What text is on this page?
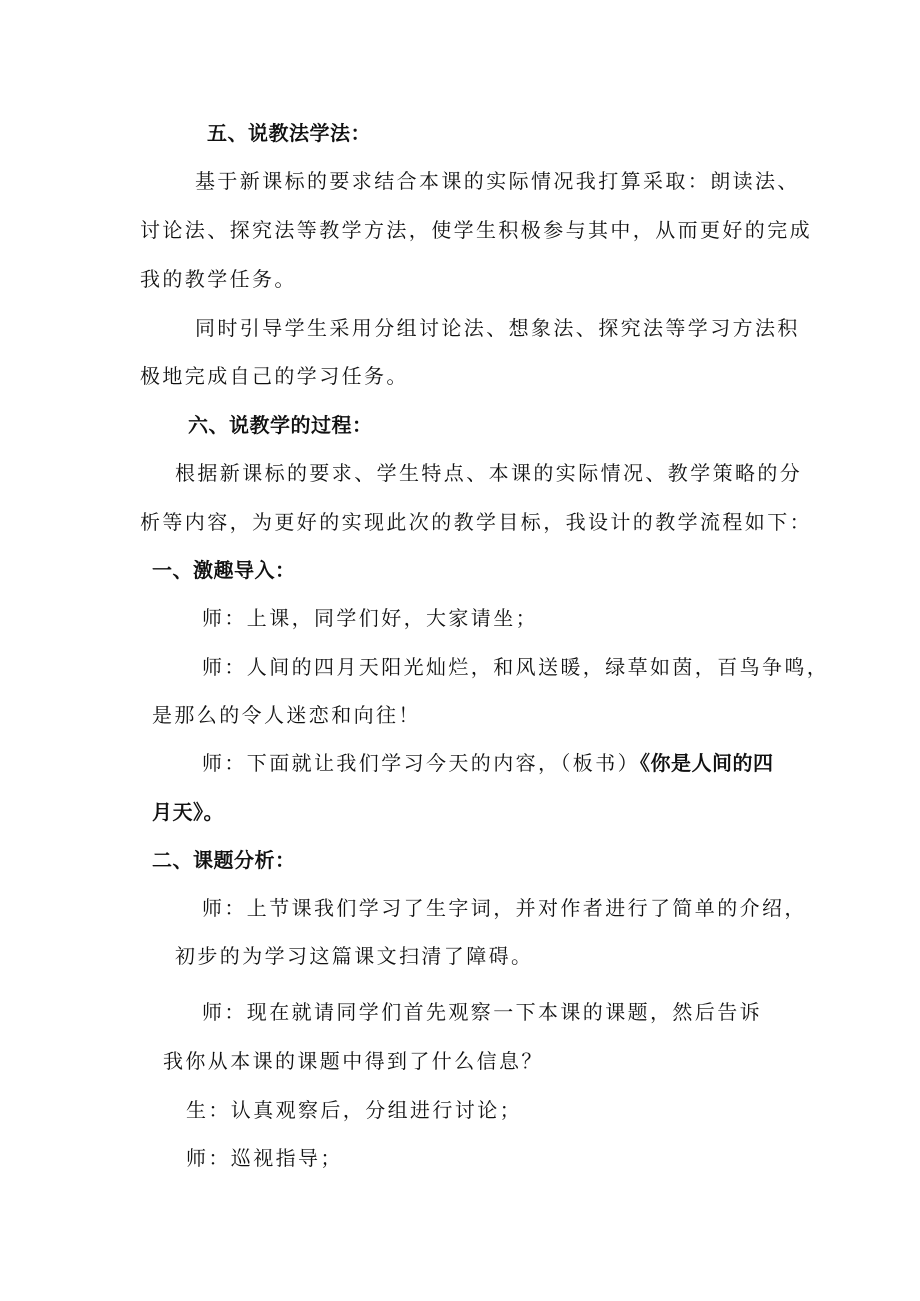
五、说教法学法：
基于新课标的要求结合本课的实际情况我打算采取：朗读法、
讨论法、探究法等教学方法，使学生积极参与其中，从而更好的完成
我的教学任务。
同时引导学生采用分组讨论法、想象法、探究法等学习方法积
极地完成自己的学习任务。
六、说教学的过程：
根据新课标的要求、学生特点、本课的实际情况、教学策略的分
析等内容，为更好的实现此次的教学目标，我设计的教学流程如下：
一、激趣导入：
师：上课，同学们好，大家请坐；
师：人间的四月天阳光灿烂，和风送暖，绿草如茵，百鸟争鸣，
是那么的令人迷恋和向往！
师：下面就让我们学习今天的内容，（板书）《你是人间的四
月天》。
二、课题分析：
师：上节课我们学习了生字词，并对作者进行了简单的介绍，
初步的为学习这篇课文扫清了障碍。
师：现在就请同学们首先观察一下本课的课题，然后告诉
我你从本课的课题中得到了什么信息？
生：认真观察后，分组进行讨论；
师：巡视指导；
